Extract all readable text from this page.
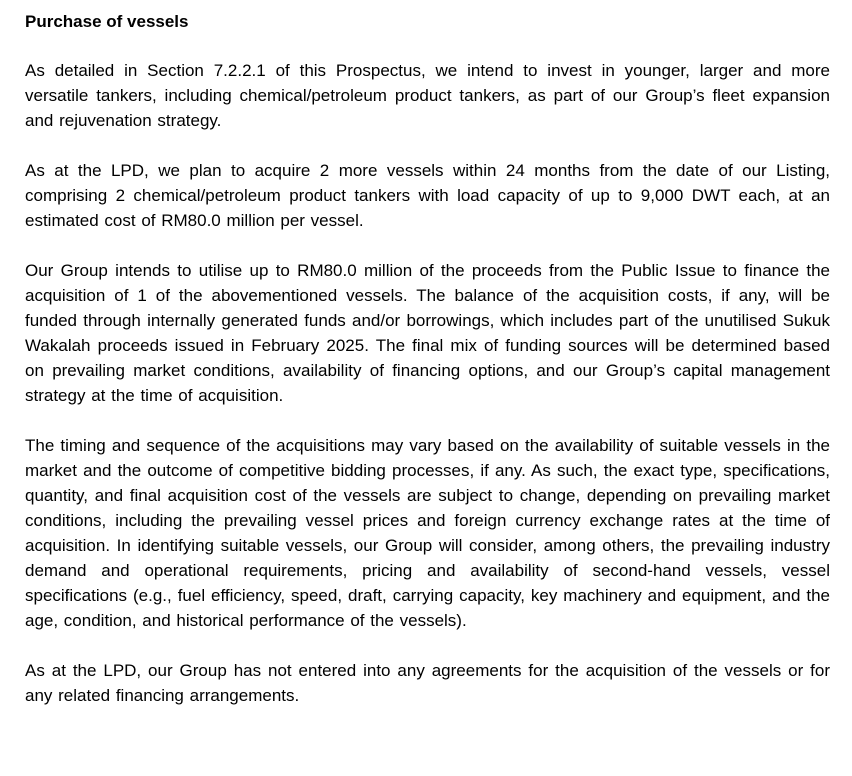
Purchase of vessels

As detailed in Section 7.2.2.1 of this Prospectus, we intend to invest in younger, larger and more versatile tankers, including chemical/petroleum product tankers, as part of our Group’s fleet expansion and rejuvenation strategy.

As at the LPD, we plan to acquire 2 more vessels within 24 months from the date of our Listing, comprising 2 chemical/petroleum product tankers with load capacity of up to 9,000 DWT each, at an estimated cost of RM80.0 million per vessel.

Our Group intends to utilise up to RM80.0 million of the proceeds from the Public Issue to finance the acquisition of 1 of the abovementioned vessels. The balance of the acquisition costs, if any, will be funded through internally generated funds and/or borrowings, which includes part of the unutilised Sukuk Wakalah proceeds issued in February 2025. The final mix of funding sources will be determined based on prevailing market conditions, availability of financing options, and our Group’s capital management strategy at the time of acquisition.

The timing and sequence of the acquisitions may vary based on the availability of suitable vessels in the market and the outcome of competitive bidding processes, if any. As such, the exact type, specifications, quantity, and final acquisition cost of the vessels are subject to change, depending on prevailing market conditions, including the prevailing vessel prices and foreign currency exchange rates at the time of acquisition. In identifying suitable vessels, our Group will consider, among others, the prevailing industry demand and operational requirements, pricing and availability of second-hand vessels, vessel specifications (e.g., fuel efficiency, speed, draft, carrying capacity, key machinery and equipment, and the age, condition, and historical performance of the vessels).

As at the LPD, our Group has not entered into any agreements for the acquisition of the vessels or for any related financing arrangements.
